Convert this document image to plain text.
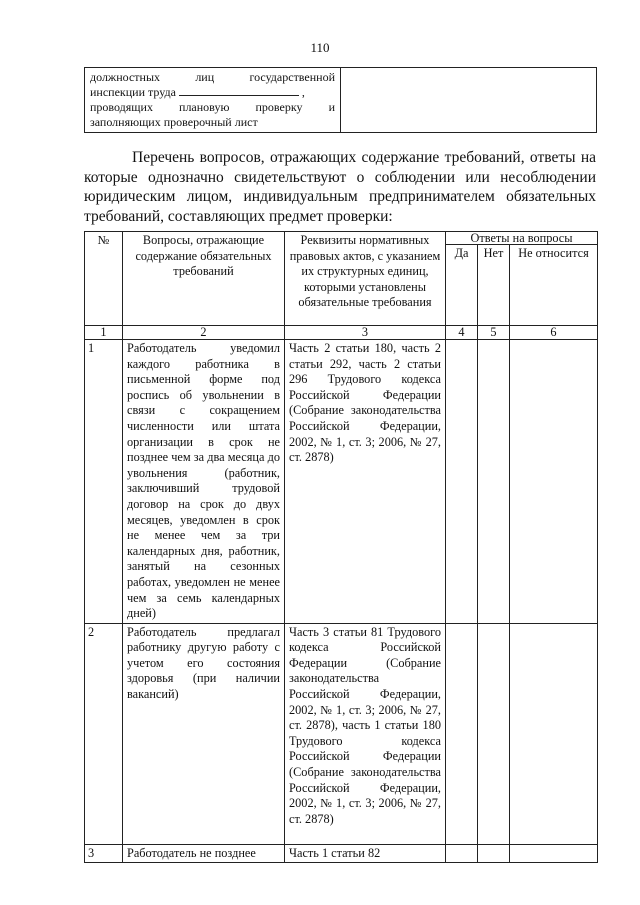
110
должностных лиц государственной
инспекции труда	,
проводящих плановую проверку и
заполняющих проверочный лист

Перечень вопросов, отражающих содержание требований, ответы на которые однозначно свидетельствуют о соблюдении или несоблюдении юридическим лицом, индивидуальным предпринимателем обязательных требований, составляющих предмет проверки:
№	Вопросы, отражающие содержание обязательных требований	Реквизиты нормативных правовых актов, с указанием их структурных единиц, которыми установлены обязательные требования	Ответы на вопросы		
			Да	Нет	Не относится
1	2	3	4	5	6
1	Работодатель уведомил каждого работника в письменной форме под роспись об увольнении в связи с сокращением численности или штата организации в срок не позднее чем за два месяца до увольнения (работник, заключивший трудовой договор на срок до двух месяцев, уведомлен в срок не менее чем за три календарных дня, работник, занятый на сезонных работах, уведомлен не менее чем за семь календарных дней)	Часть 2 статьи 180, часть 2 статьи 292, часть 2 статьи 296 Трудового кодекса Российской Федерации (Собрание законодательства Российской Федерации, 2002, № 1, ст. 3; 2006, № 27, ст. 2878)			
2	Работодатель предлагал работнику другую работу с учетом его состояния здоровья (при наличии вакансий)	Часть 3 статьи 81 Трудового кодекса Российской Федерации (Собрание законодательства Российской Федерации, 2002, № 1, ст. 3; 2006, № 27, ст. 2878), часть 1 статьи 180 Трудового кодекса Российской Федерации (Собрание законодательства Российской Федерации, 2002, № 1, ст. 3; 2006, № 27, ст. 2878)			
3	Работодатель не позднее	Часть 1 статьи 82			
